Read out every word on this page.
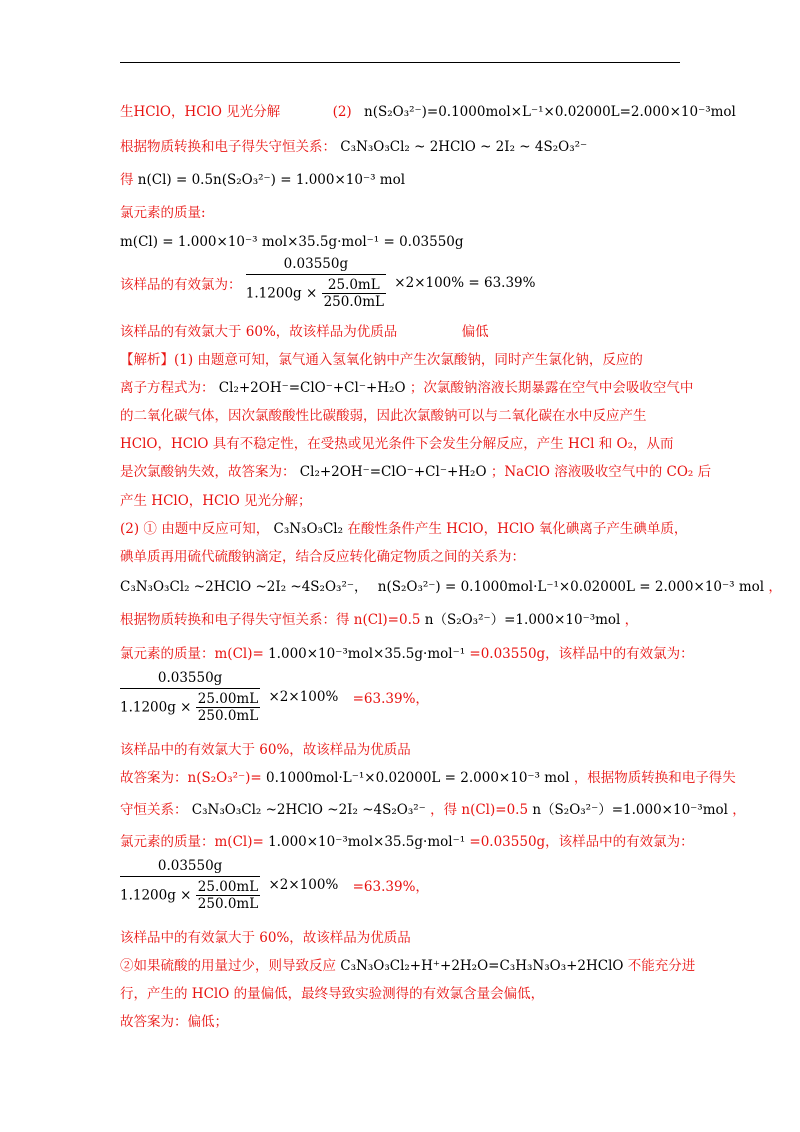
生HClO，HClO 见光分解	(2) n(S₂O₃²⁻)=0.1000mol×L⁻¹×0.02000L=2.000×10⁻³mol
根据物质转换和电子得失守恒关系： C₃N₃O₃Cl₂ ~ 2HClO ~ 2I₂ ~ 4S₂O₃²⁻
得 n(Cl) = 0.5n(S₂O₃²⁻) = 1.000×10⁻³ mol
氯元素的质量:
m(Cl) = 1.000×10⁻³ mol×35.5g·mol⁻¹ = 0.03550g
该样品的有效氯为： $\frac{0.03550g}{1.1200g \times \frac{25.0mL}{250.0mL}} \times 2\times 100\% = 63.39\%$
该样品的有效氯大于 60%，故该样品为优质品	偏低
【解析】(1) 由题意可知，氯气通入氢氧化钠中产生次氯酸钠，同时产生氯化钠，反应的
离子方程式为： Cl₂+2OH⁻=ClO⁻+Cl⁻+H₂O ；次氯酸钠溶液长期暴露在空气中会吸收空气中
的二氧化碳气体，因次氯酸酸性比碳酸弱，因此次氯酸钠可以与二氧化碳在水中反应产生
HClO，HClO 具有不稳定性，在受热或见光条件下会发生分解反应，产生 HCl 和 O₂，从而
是次氯酸钠失效，故答案为： Cl₂+2OH⁻=ClO⁻+Cl⁻+H₂O ；NaClO 溶液吸收空气中的 CO₂ 后
产生 HClO，HClO 见光分解；
(2) ① 由题中反应可知， C₃N₃O₃Cl₂ 在酸性条件产生 HClO，HClO 氧化碘离子产生碘单质，
碘单质再用硫代硫酸钠滴定，结合反应转化确定物质之间的关系为：
C₃N₃O₃Cl₂ ~2HClO ~2I₂ ~4S₂O₃²⁻， n(S₂O₃²⁻) = 0.1000mol·L⁻¹×0.02000L = 2.000×10⁻³ mol ，
根据物质转换和电子得失守恒关系：得 n(Cl)=0.5 n（S₂O₃²⁻）=1.000×10⁻³mol ，
氯元素的质量：m(Cl)= 1.000×10⁻³mol×35.5g·mol⁻¹ =0.03550g，该样品中的有效氯为：
$\frac{0.03550g}{1.1200g \times \frac{25.00mL}{250.0mL}} \times 2\times 100\% =63.39\%$，
该样品中的有效氯大于 60%，故该样品为优质品
故答案为：n(S₂O₃²⁻)= 0.1000mol·L⁻¹×0.02000L = 2.000×10⁻³ mol ，根据物质转换和电子得失
守恒关系： C₃N₃O₃Cl₂ ~2HClO ~2I₂ ~4S₂O₃²⁻ ，得 n(Cl)=0.5 n（S₂O₃²⁻）=1.000×10⁻³mol ，
氯元素的质量：m(Cl)= 1.000×10⁻³mol×35.5g·mol⁻¹ =0.03550g，该样品中的有效氯为：
$\frac{0.03550g}{1.1200g \times \frac{25.00mL}{250.0mL}} \times 2\times 100\% =63.39\%$，
该样品中的有效氯大于 60%，故该样品为优质品
②如果硫酸的用量过少，则导致反应 C₃N₃O₃Cl₂+H⁺+2H₂O=C₃H₃N₃O₃+2HClO 不能充分进
行，产生的 HClO 的量偏低，最终导致实验测得的有效氯含量会偏低，
故答案为：偏低；
